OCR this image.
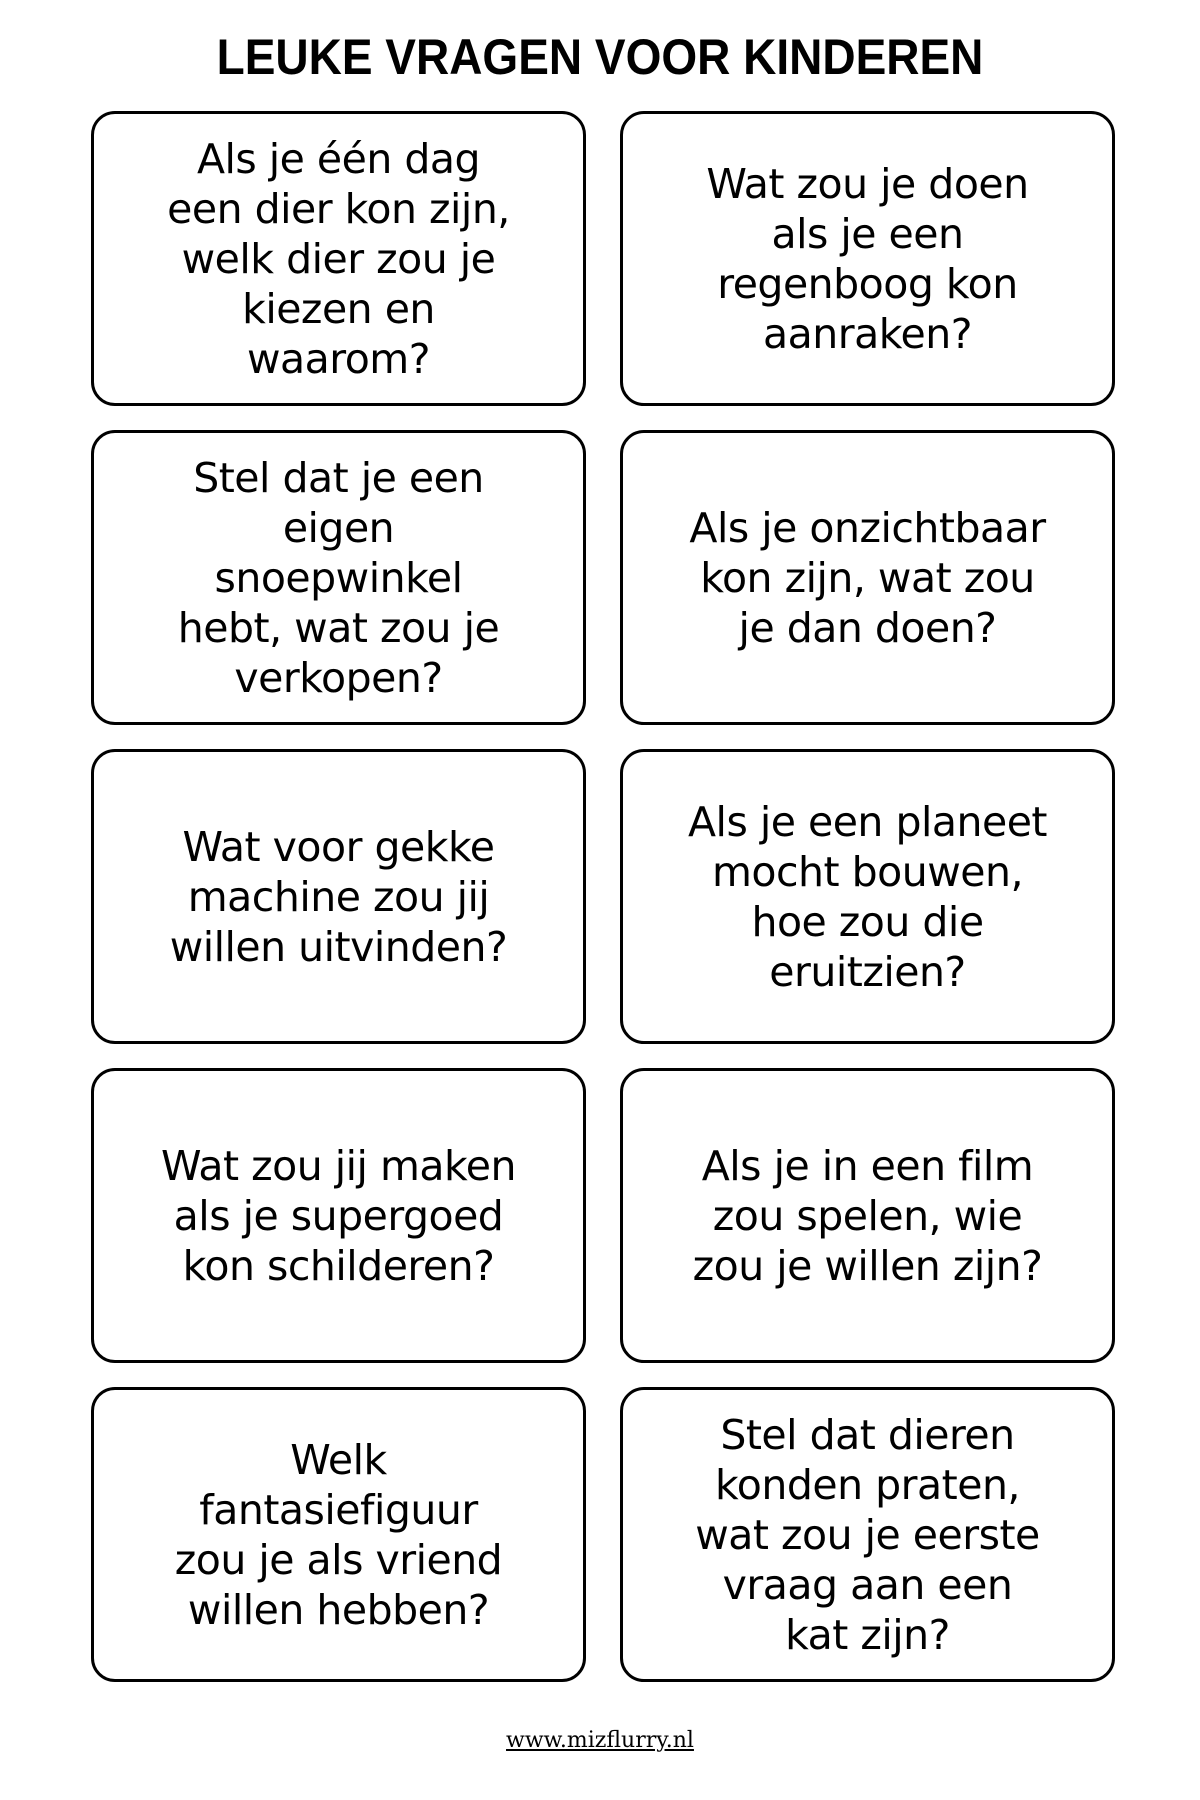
LEUKE VRAGEN VOOR KINDEREN
Als je één dag
een dier kon zijn,
welk dier zou je
kiezen en
waarom?
Wat zou je doen
als je een
regenboog kon
aanraken?
Stel dat je een
eigen
snoepwinkel
hebt, wat zou je
verkopen?
Als je onzichtbaar
kon zijn, wat zou
je dan doen?
Wat voor gekke
machine zou jij
willen uitvinden?
Als je een planeet
mocht bouwen,
hoe zou die
eruitzien?
Wat zou jij maken
als je supergoed
kon schilderen?
Als je in een film
zou spelen, wie
zou je willen zijn?
Welk
fantasiefiguur
zou je als vriend
willen hebben?
Stel dat dieren
konden praten,
wat zou je eerste
vraag aan een
kat zijn?
www.mizflurry.nl
